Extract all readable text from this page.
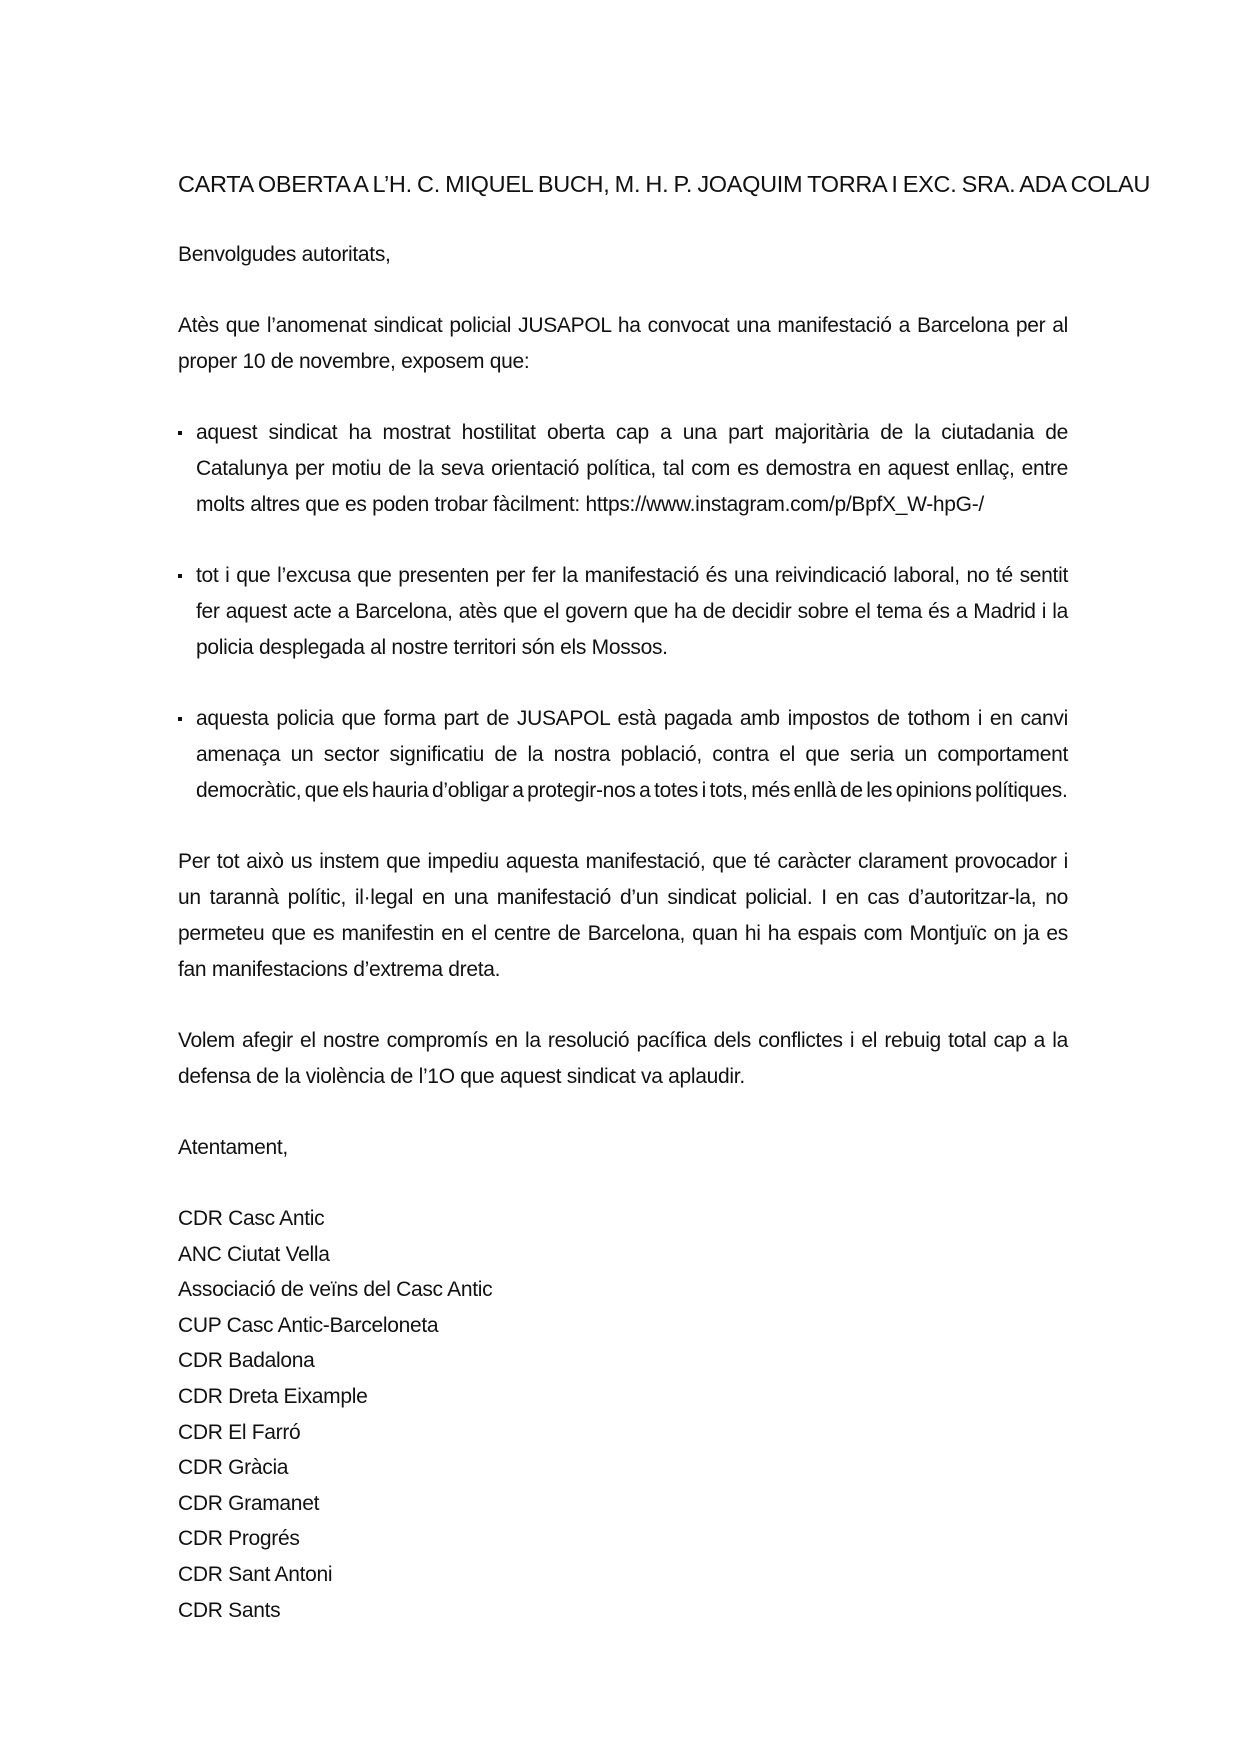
CARTA OBERTA A L’H. C. MIQUEL BUCH, M. H. P. JOAQUIM TORRA I EXC. SRA. ADA COLAU

Benvolgudes autoritats,

Atès que l’anomenat sindicat policial JUSAPOL ha convocat una manifestació a Barcelona per al proper 10 de novembre, exposem que:

aquest sindicat ha mostrat hostilitat oberta cap a una part majoritària de la ciutadania de Catalunya per motiu de la seva orientació política, tal com es demostra en aquest enllaç, entre molts altres que es poden trobar fàcilment: https://www.instagram.com/p/BpfX_W-hpG-/
tot i que l’excusa que presenten per fer la manifestació és una reivindicació laboral, no té sentit fer aquest acte a Barcelona, atès que el govern que ha de decidir sobre el tema és a Madrid i la policia desplegada al nostre territori són els Mossos.
aquesta policia que forma part de JUSAPOL està pagada amb impostos de tothom i en canvi amenaça un sector significatiu de la nostra població, contra el que seria un comportament democràtic, que els hauria d’obligar a protegir-nos a totes i tots, més enllà de les opinions polítiques.

Per tot això us instem que impediu aquesta manifestació, que té caràcter clarament provocador i un tarannà polític, il·legal en una manifestació d’un sindicat policial. I en cas d’autoritzar-la, no permeteu que es manifestin en el centre de Barcelona, quan hi ha espais com Montjuïc on ja es fan manifestacions d’extrema dreta.

Volem afegir el nostre compromís en la resolució pacífica dels conflictes i el rebuig total cap a la defensa de la violència de l’1O que aquest sindicat va aplaudir.

Atentament,

CDR Casc Antic
ANC Ciutat Vella
Associació de veïns del Casc Antic
CUP Casc Antic-Barceloneta
CDR Badalona
CDR Dreta Eixample
CDR El Farró
CDR Gràcia
CDR Gramanet
CDR Progrés
CDR Sant Antoni
CDR Sants
